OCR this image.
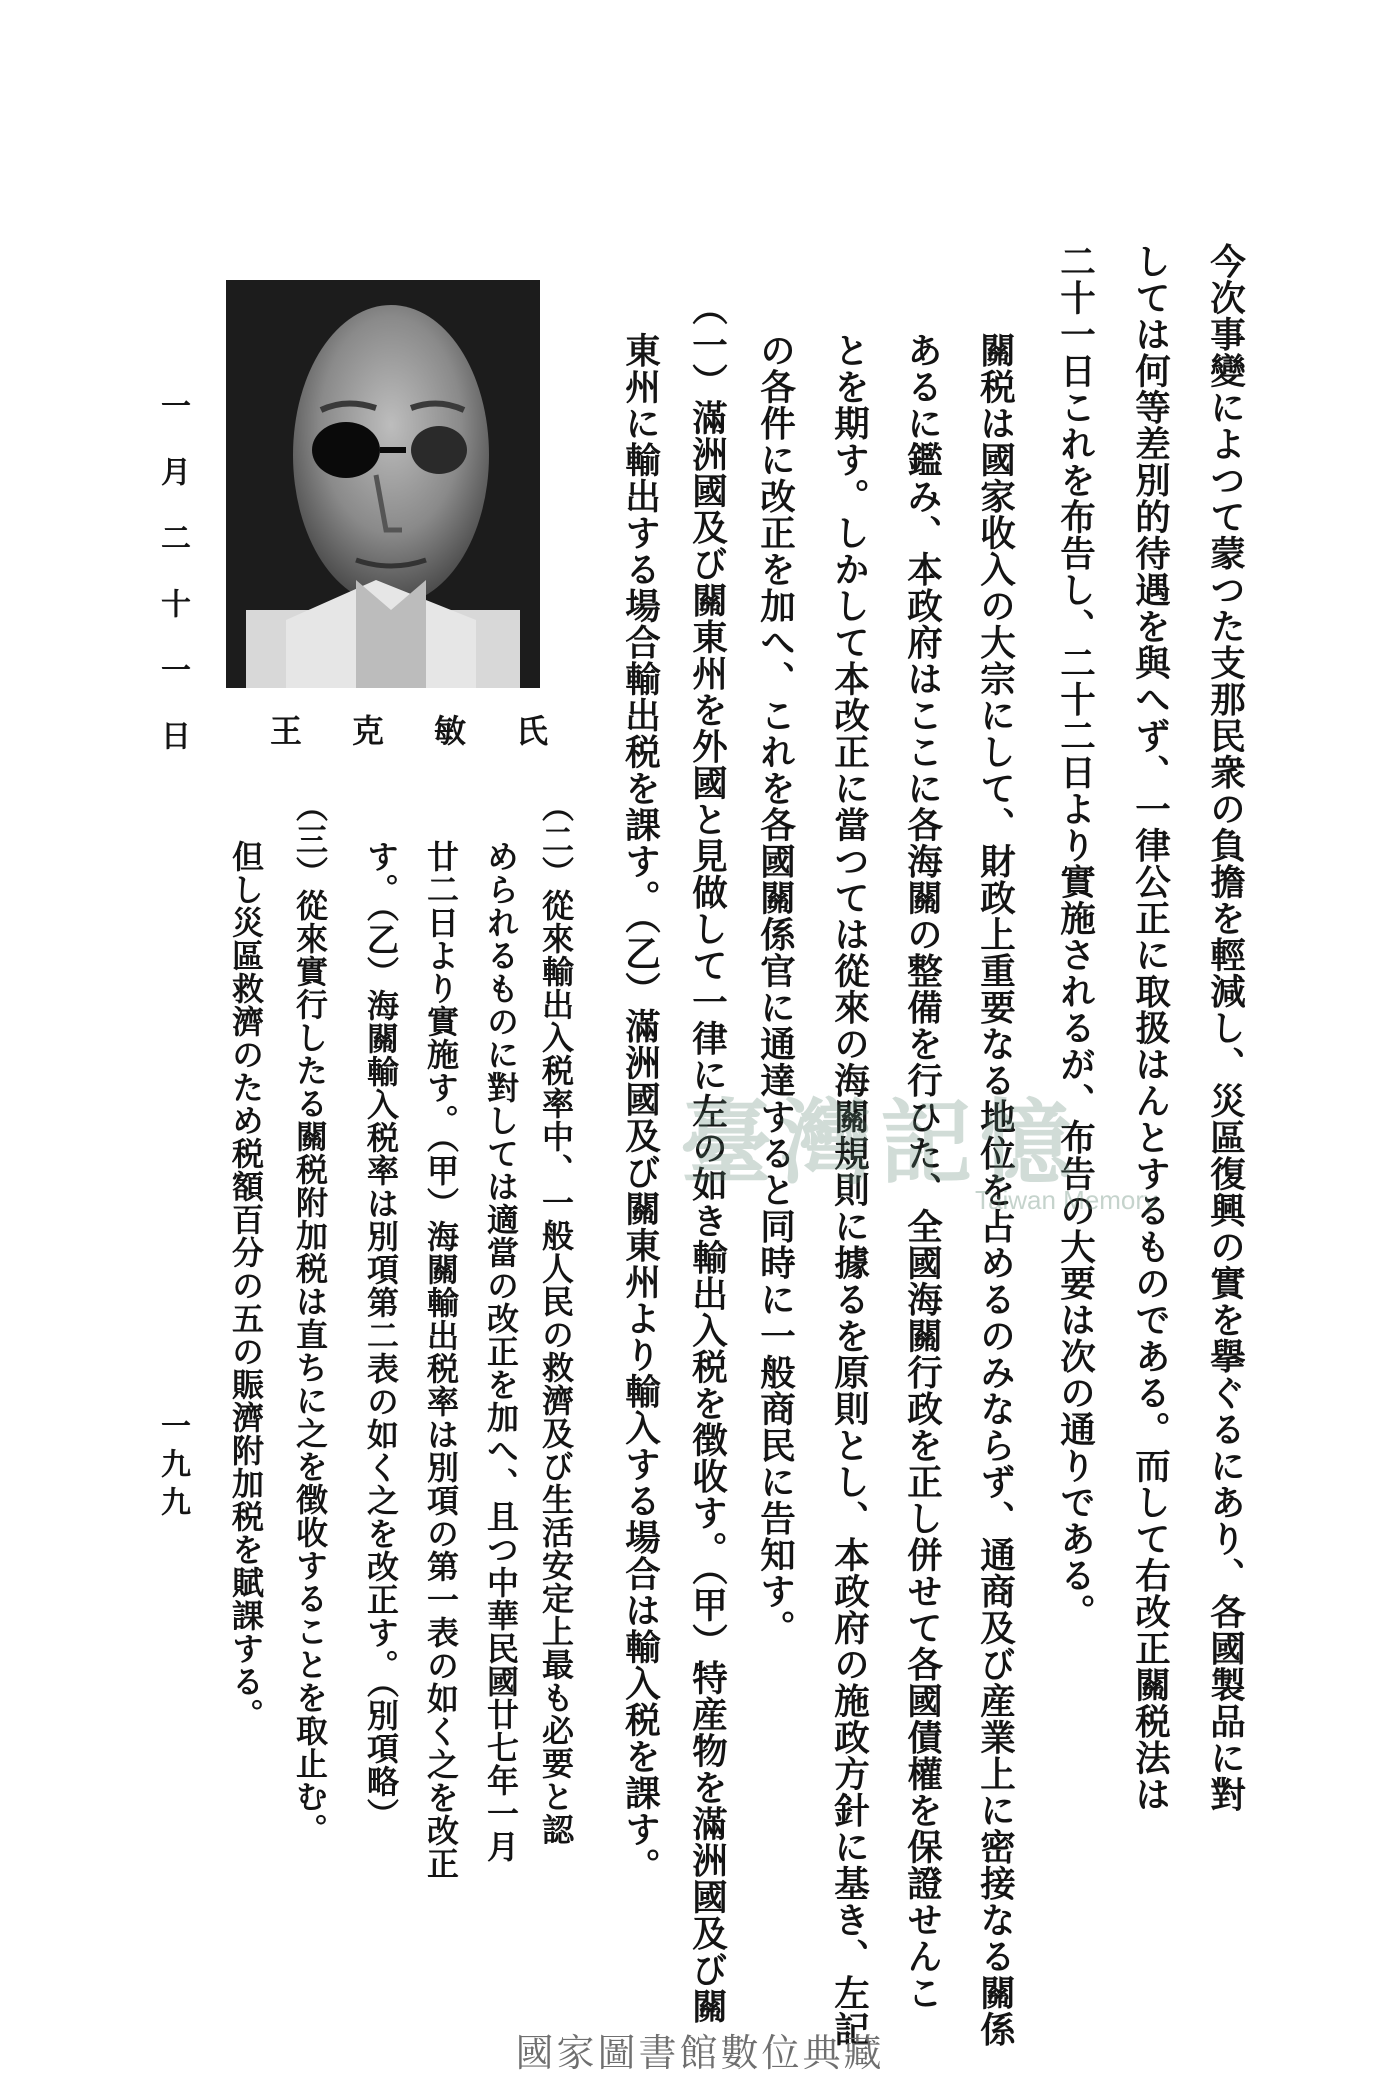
今次事變によつて蒙つた支那民衆の負擔を輕減し、災區復興の實を擧ぐるにあり、各國製品に對
しては何等差別的待遇を與へず、一律公正に取扱はんとするものである。而して右改正關税法は
二十一日これを布告し、二十二日より實施されるが、布告の大要は次の通りである。
關税は國家收入の大宗にして、財政上重要なる地位を占めるのみならず、通商及び産業上に密接なる關係
あるに鑑み、本政府はここに各海關の整備を行ひた、全國海關行政を正し併せて各國債權を保證せんこ
とを期す。しかして本改正に當つては從來の海關規則に據るを原則とし、本政府の施政方針に基き、左記
の各件に改正を加へ、これを各國關係官に通達すると同時に一般商民に告知す。
（一）滿洲國及び關東州を外國と見做して一律に左の如き輸出入税を徴收す。（甲）特産物を滿洲國及び關
東州に輸出する場合輸出税を課す。（乙）滿洲國及び關東州より輸入する場合は輸入税を課す。
（二）從來輸出入税率中、一般人民の救濟及び生活安定上最も必要と認
められるものに對しては適當の改正を加へ、且つ中華民國廿七年一月
廿二日より實施す。（甲）海關輸出税率は別項の第一表の如く之を改正
す。（乙）海關輸入税率は別項第二表の如く之を改正す。（別項略）
（三）從來實行したる關税附加税は直ちに之を徴收することを取止む。
但し災區救濟のため税額百分の五の賑濟附加税を賦課する。
王克敏氏
一月二十一日
一九九
臺灣記憶
Taiwan Memory
國家圖書館數位典藏
